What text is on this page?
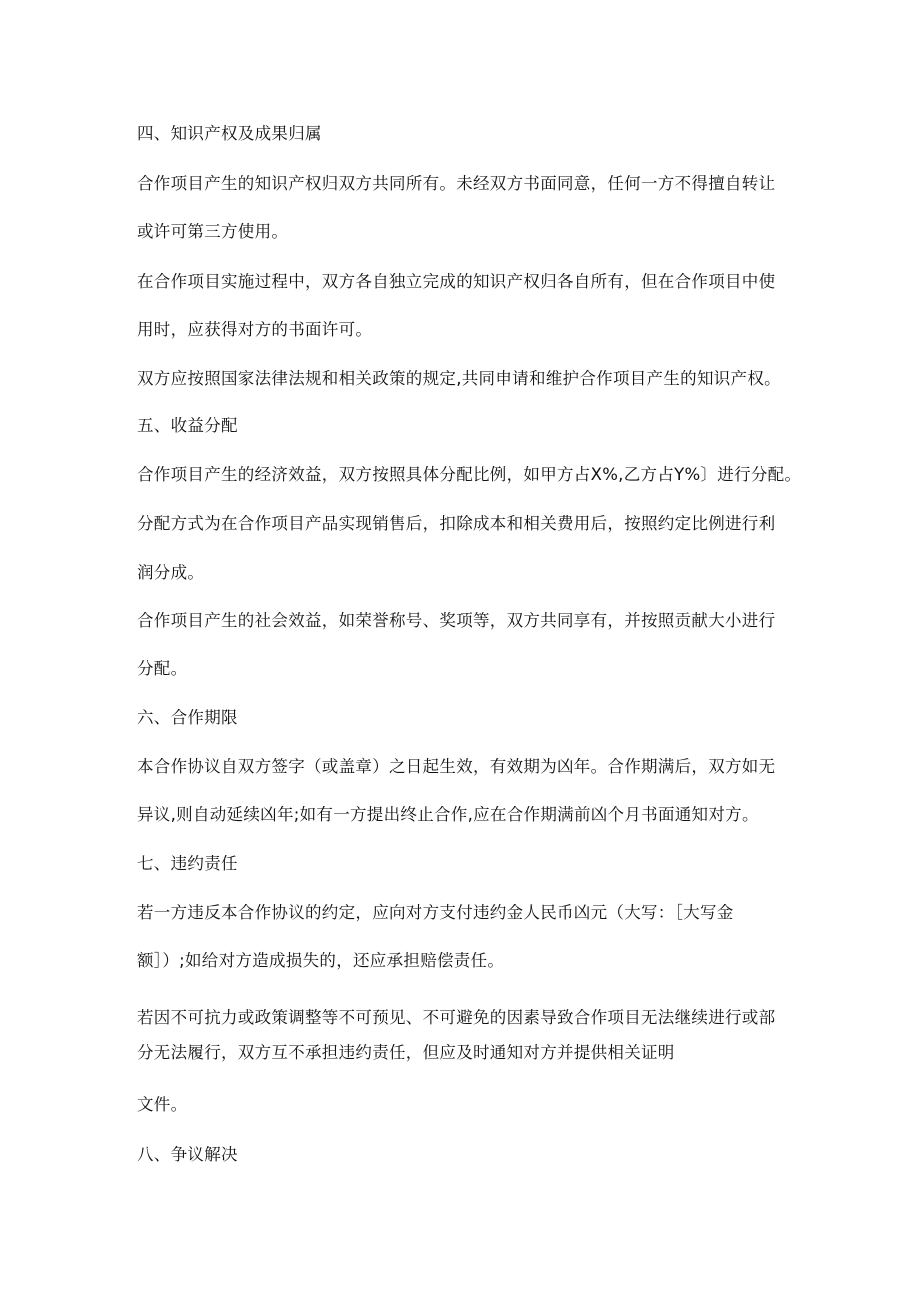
四、知识产权及成果归属
合作项目产生的知识产权归双方共同所有。未经双方书面同意，任何一方不得擅自转让
或许可第三方使用。
在合作项目实施过程中，双方各自独立完成的知识产权归各自所有，但在合作项目中使
用时，应获得对方的书面许可。
双方应按照国家法律法规和相关政策的规定,共同申请和维护合作项目产生的知识产权。
五、收益分配
合作项目产生的经济效益，双方按照具体分配比例，如甲方占X%,乙方占Y%〕进行分配。
分配方式为在合作项目产品实现销售后，扣除成本和相关费用后，按照约定比例进行利
润分成。
合作项目产生的社会效益，如荣誉称号、奖项等，双方共同享有，并按照贡献大小进行
分配。
六、合作期限
本合作协议自双方签字（或盖章）之日起生效，有效期为凶年。合作期满后，双方如无
异议,则自动延续凶年;如有一方提出终止合作,应在合作期满前凶个月书面通知对方。
七、违约责任
若一方违反本合作协议的约定，应向对方支付违约金人民币凶元（大写：［大写金
额］）;如给对方造成损失的，还应承担赔偿责任。
若因不可抗力或政策调整等不可预见、不可避免的因素导致合作项目无法继续进行或部
分无法履行，双方互不承担违约责任，但应及时通知对方并提供相关证明
文件。
八、争议解决
